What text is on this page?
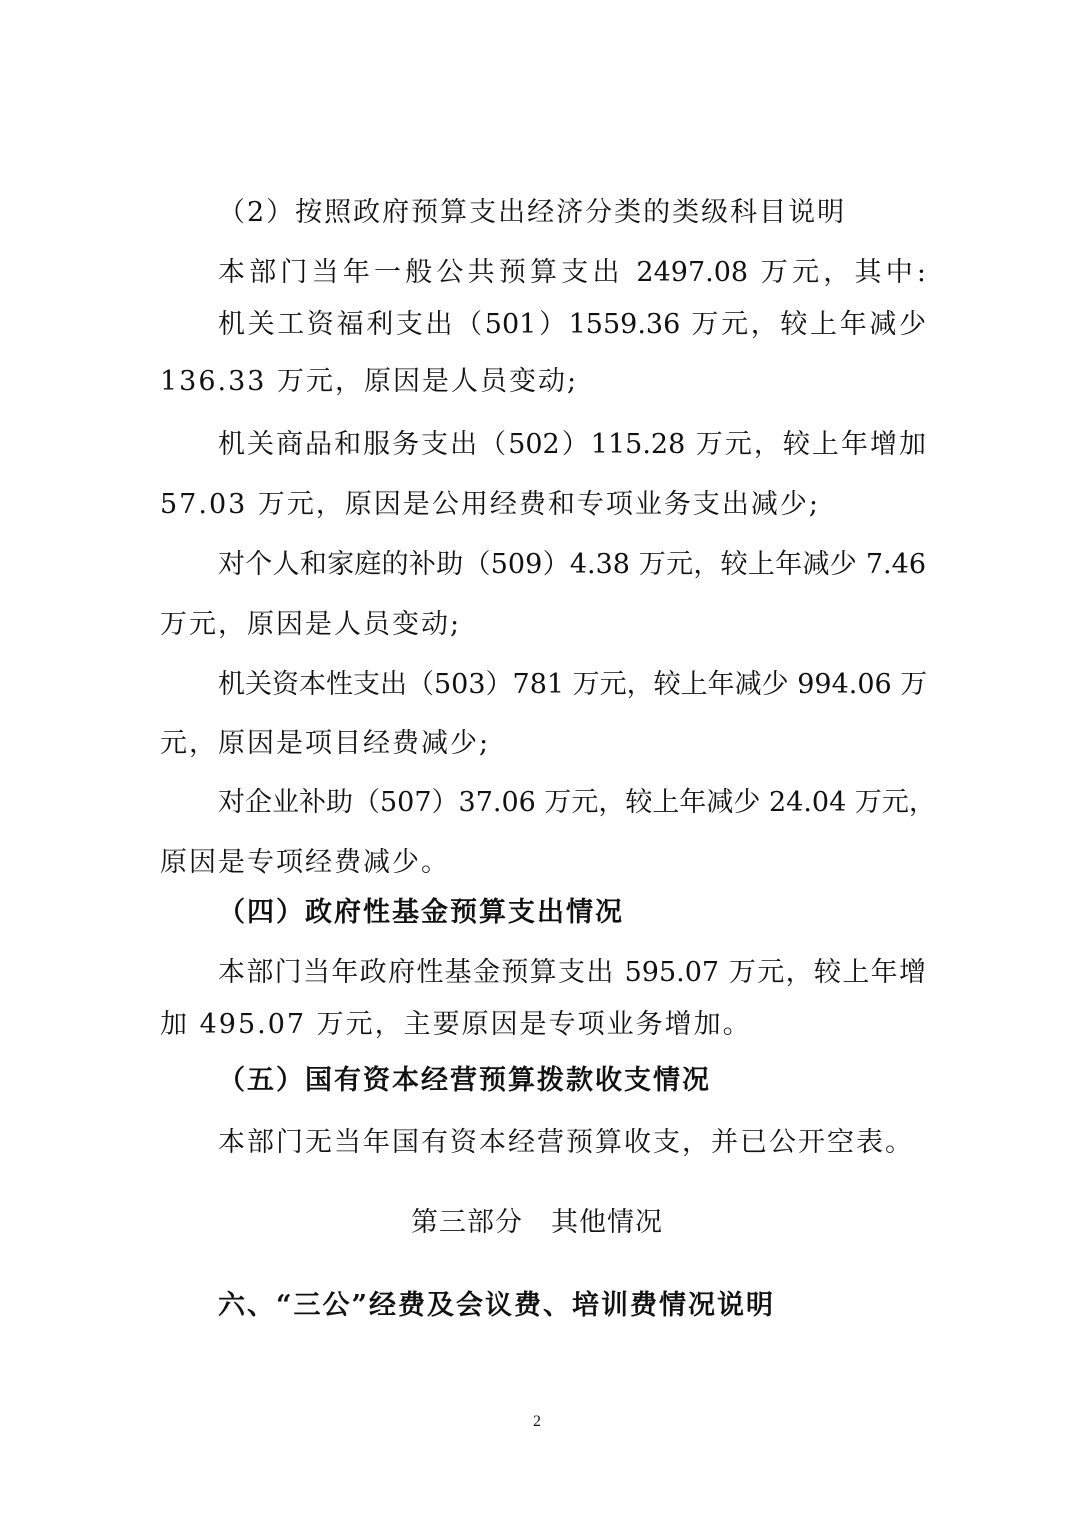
（2）按照政府预算支出经济分类的类级科目说明
本部门当年一般公共预算支出 2497.08 万元，其中:
机关工资福利支出（501）1559.36 万元，较上年减少
136.33 万元，原因是人员变动;
机关商品和服务支出（502）115.28 万元，较上年增加
57.03 万元，原因是公用经费和专项业务支出减少;
对个人和家庭的补助（509）4.38 万元，较上年减少 7.46
万元，原因是人员变动;
机关资本性支出（503）781 万元，较上年减少 994.06 万
元，原因是项目经费减少;
对企业补助（507）37.06 万元，较上年减少 24.04 万元，
原因是专项经费减少。
（四）政府性基金预算支出情况
本部门当年政府性基金预算支出 595.07 万元，较上年增
加 495.07 万元，主要原因是专项业务增加。
（五）国有资本经营预算拨款收支情况
本部门无当年国有资本经营预算收支，并已公开空表。
第三部分　其他情况
六、“三公”经费及会议费、培训费情况说明
2
